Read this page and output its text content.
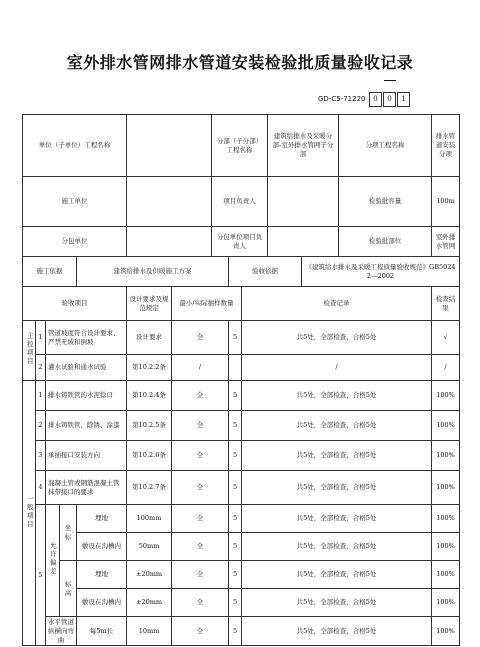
室外排水管网排水管道安装检验批质量验收记录
GD-C5-71220	0	0	1
单位（子单位）工程名称							分部（子分部）工程名称			建筑给排水及采暖分部-室外排水管网子分部		分项工程名称	排水管道安装分项
施工单位							项目负责人					检验批容量	100m
分包单位							分包单位项目负责人					检验批部位	室外排水管网
施工依据				建筑给排水及供暖施工方案				验收依据			《建筑给水排水及采暖工程质量验收规范》GB50242—2002		
验收项目					设计要求及规范规定	最小/实际抽样数量			检查记录				检查结果
主控项目	1	管道坡度符合设计要求、严禁无坡和倒坡			设计要求	全		5	共5处，全部检查，合格5处				√
	2	灌水试验和通水试验			第10.2.2条	/			/				/
一般项目	1	排水铸铁管的水泥捻口			第10.2.4条	全		5	共5处，全部检查，合格5处				100%
	2	排水铸铁管，除锈、涂漆			第10.2.5条	全		5	共5处，全部检查，合格5处				100%
	3	承插接口安装方向			第10.2.6条	全		5	共5处，全部检查，合格5处				100%
	4	混凝土管或钢筋混凝土管抹带接口的要求			第10.2.7条	全		5	共5处，全部检查，合格5处				100%
	5	允许偏差	坐标	埋地	100mm	全		5	共5处，全部检查，合格5处				100%
				敷设在沟槽内	50mm	全		5	共5处，全部检查，合格5处				100%
			标高	埋地	±20mm	全		5	共5处，全部检查，合格5处				100%
				敷设在沟槽内	±20mm	全		5	共5处，全部检查，合格5处				100%
		水平管道纵横向弯曲		每5m长	10mm	全		5	共5处，全部检查，合格5处				100%
